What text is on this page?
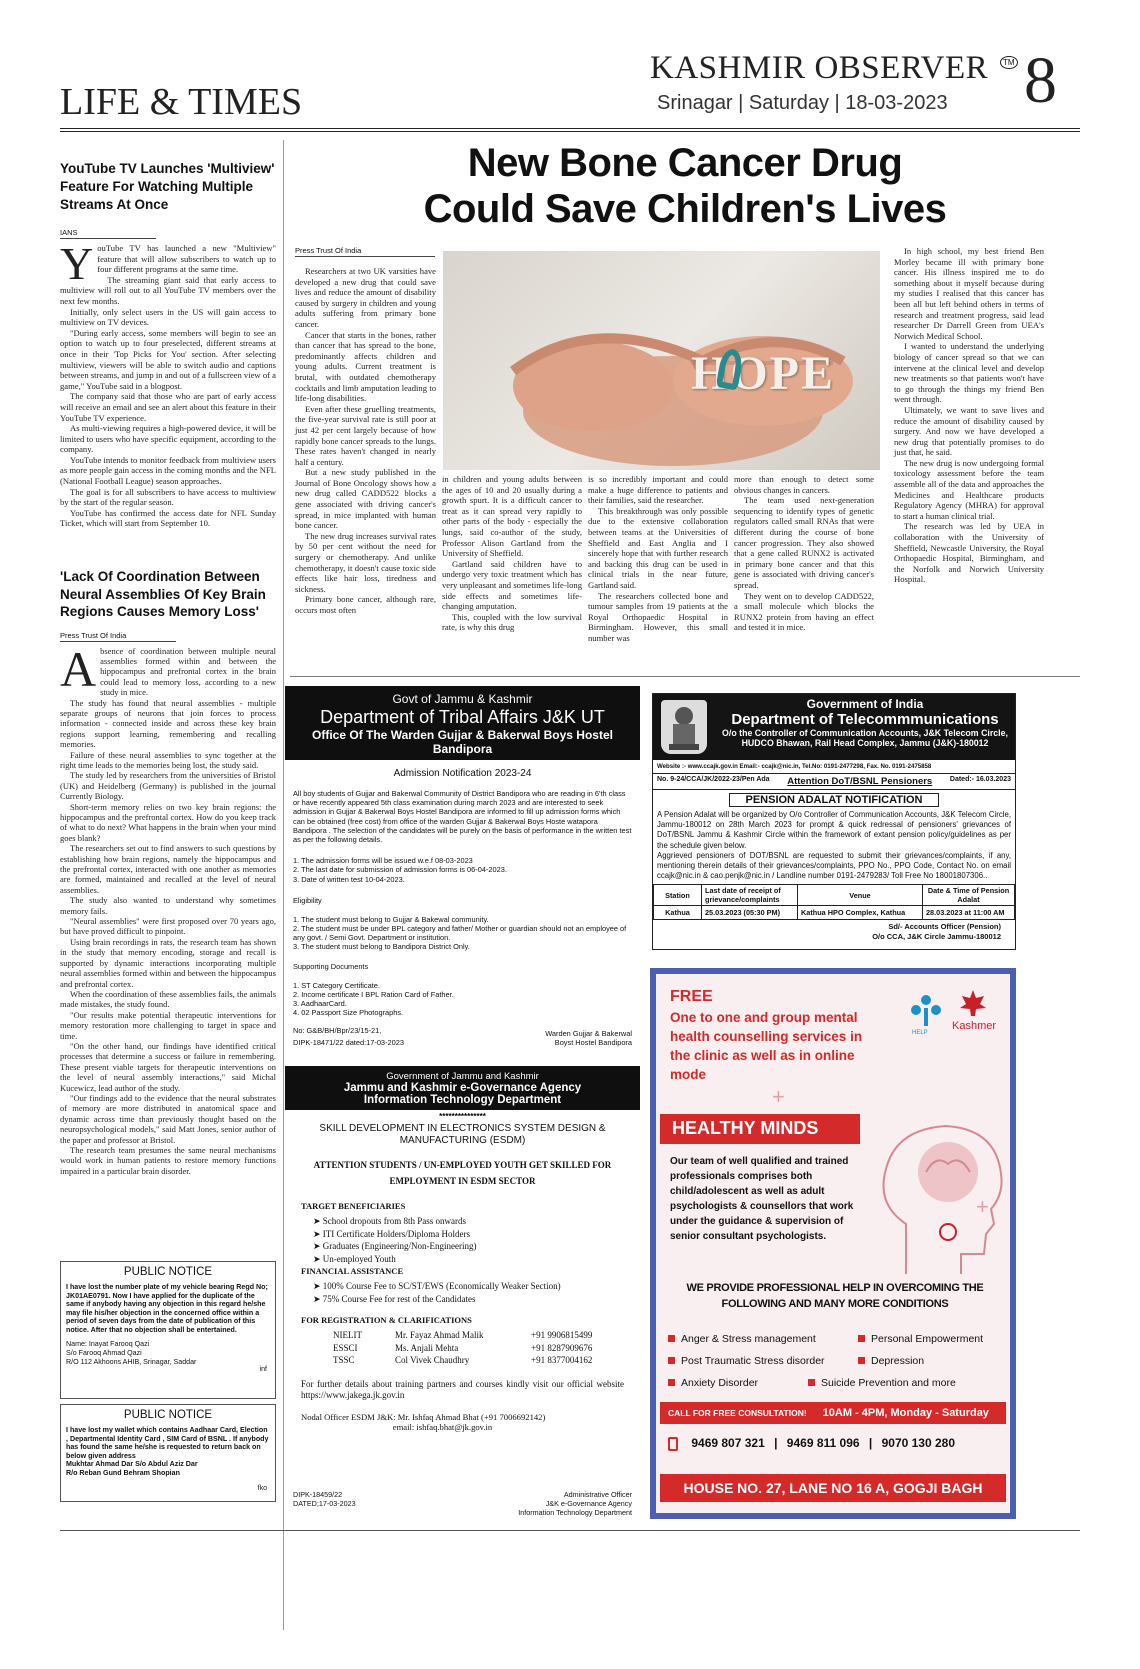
LIFE & TIMES
KASHMIR OBSERVER	TM
Srinagar | Saturday | 18-03-2023 8
YouTube TV Launches 'Multiview' Feature For Watching Multiple Streams At Once
IANS
Y ouTube TV has launched a new "Multiview" feature that will allow subscribers to watch up to four different programs at the same time.

The streaming giant said that early access to multiview will roll out to all YouTube TV members over the next few months.

Initially, only select users in the US will gain access to multiview on TV devices.

"During early access, some members will begin to see an option to watch up to four preselected, different streams at once in their 'Top Picks for You' section. After selecting multiview, viewers will be able to switch audio and captions between streams, and jump in and out of a fullscreen view of a game," YouTube said in a blogpost.

The company said that those who are part of early access will receive an email and see an alert about this feature in their YouTube TV experience.

As multi-viewing requires a high-powered device, it will be limited to users who have specific equipment, according to the company.

YouTube intends to monitor feedback from multiview users as more people gain access in the coming months and the NFL (National Football League) season approaches.

The goal is for all subscribers to have access to multiview by the start of the regular season.

YouTube has confirmed the access date for NFL Sunday Ticket, which will start from September 10.

'Lack Of Coordination Between Neural Assemblies Of Key Brain Regions Causes Memory Loss'
Press Trust Of India
A bsence of coordination between multiple neural assemblies formed within and between the hippocampus and prefrontal cortex in the brain could lead to memory loss, according to a new study in mice.

The study has found that neural assemblies - multiple separate groups of neurons that join forces to process information - connected inside and across these key brain regions support learning, remembering and recalling memories.

Failure of these neural assemblies to sync together at the right time leads to the memories being lost, the study said.

The study led by researchers from the universities of Bristol (UK) and Heidelberg (Germany) is published in the journal Currently Biology.

Short-term memory relies on two key brain regions: the hippocampus and the prefrontal cortex. How do you keep track of what to do next? What happens in the brain when your mind goes blank?

The researchers set out to find answers to such questions by establishing how brain regions, namely the hippocampus and the prefrontal cortex, interacted with one another as memories are formed, maintained and recalled at the level of neural assemblies.

The study also wanted to understand why sometimes memory fails.

"Neural assemblies" were first proposed over 70 years ago, but have proved difficult to pinpoint.

Using brain recordings in rats, the research team has shown in the study that memory encoding, storage and recall is supported by dynamic interactions incorporating multiple neural assemblies formed within and between the hippocampus and prefrontal cortex.

When the coordination of these assemblies fails, the animals made mistakes, the study found.

"Our results make potential therapeutic interventions for memory restoration more challenging to target in space and time.

"On the other hand, our findings have identified critical processes that determine a success or failure in remembering. These present viable targets for therapeutic interventions on the level of neural assembly interactions," said Michal Kucewicz, lead author of the study.

"Our findings add to the evidence that the neural substrates of memory are more distributed in anatomical space and dynamic across time than previously thought based on the neuropsychological models," said Matt Jones, senior author of the paper and professor at Bristol.

The research team presumes the same neural mechanisms would work in human patients to restore memory functions impaired in a particular brain disorder.

PUBLIC NOTICE
I have lost the number plate of my vehicle bearing Regd No; JK01AE0791. Now I have applied for the duplicate of the same if anybody having any objection in this regard he/she may file his/her objection in the concerned office within a period of seven days from the date of publication of this notice. After that no objection shall be entertained.
Name: Inayat Farooq Qazi
S/o Farooq Ahmad Qazi
R/O 112 Akhoons AHIB, Srinagar, Saddar
inf
PUBLIC NOTICE
I have lost my wallet which contains Aadhaar Card, Election , Departmental Identity Card , SIM Card of BSNL . If anybody has found the same he/she is requested to return back on below given address
Mukhtar Ahmad Dar S/o Abdul Aziz Dar
R/o Reban Gund Behram Shopian
fko
New Bone Cancer Drug
Could Save Children's Lives
Press Trust Of India
HOPE

Researchers at two UK varsities have developed a new drug that could save lives and reduce the amount of disability caused by surgery in children and young adults suffering from primary bone cancer.

Cancer that starts in the bones, rather than cancer that has spread to the bone, predominantly affects children and young adults. Current treatment is brutal, with outdated chemotherapy cocktails and limb amputation leading to life-long disabilities.

Even after these gruelling treatments, the five-year survival rate is still poor at just 42 per cent largely because of how rapidly bone cancer spreads to the lungs. These rates haven't changed in nearly half a century.

But a new study published in the Journal of Bone Oncology shows how a new drug called CADD522 blocks a gene associated with driving cancer's spread, in mice implanted with human bone cancer.

The new drug increases survival rates by 50 per cent without the need for surgery or chemotherapy. And unlike chemotherapy, it doesn't cause toxic side effects like hair loss, tiredness and sickness.

Primary bone cancer, although rare, occurs most often

in children and young adults between the ages of 10 and 20 usually during a growth spurt. It is a difficult cancer to treat as it can spread very rapidly to other parts of the body - especially the lungs, said co-author of the study, Professor Alison Gartland from the University of Sheffield.

Gartland said children have to undergo very toxic treatment which has very unpleasant and sometimes life-long side effects and sometimes life-changing amputation.

This, coupled with the low survival rate, is why this drug

is so incredibly important and could make a huge difference to patients and their families, said the researcher.

This breakthrough was only possible due to the extensive collaboration between teams at the Universities of Sheffield and East Anglia and I sincerely hope that with further research and backing this drug can be used in clinical trials in the near future, Gartland said.

The researchers collected bone and tumour samples from 19 patients at the Royal Orthopaedic Hospital in Birmingham. However, this small number was

more than enough to detect some obvious changes in cancers.

The team used next-generation sequencing to identify types of genetic regulators called small RNAs that were different during the course of bone cancer progression. They also showed that a gene called RUNX2 is activated in primary bone cancer and that this gene is associated with driving cancer's spread.

They went on to develop CADD522, a small molecule which blocks the RUNX2 protein from having an effect and tested it in mice.

In high school, my best friend Ben Morley became ill with primary bone cancer. His illness inspired me to do something about it myself because during my studies I realised that this cancer has been all but left behind others in terms of research and treatment progress, said lead researcher Dr Darrell Green from UEA's Norwich Medical School.

I wanted to understand the underlying biology of cancer spread so that we can intervene at the clinical level and develop new treatments so that patients won't have to go through the things my friend Ben went through.

Ultimately, we want to save lives and reduce the amount of disability caused by surgery. And now we have developed a new drug that potentially promises to do just that, he said.

The new drug is now undergoing formal toxicology assessment before the team assemble all of the data and approaches the Medicines and Healthcare products Regulatory Agency (MHRA) for approval to start a human clinical trial.

The research was led by UEA in collaboration with the University of Sheffield, Newcastle University, the Royal Orthopaedic Hospital, Birmingham, and the Norfolk and Norwich University Hospital.

Govt of Jammu & Kashmir
Department of Tribal Affairs J&K UT
Office Of The Warden Gujjar & Bakerwal Boys Hostel Bandipora
Admission Notification 2023-24
All boy students of Gujjar and Bakerwal Community of District Bandipora who are reading in 6'th class or have recently appeared 5th class examination during march 2023 and are interested to seek admission in Gujjar & Bakerwal Boys Hostel Bandipora are informed to fill up admission forms which can be obtained (free cost) from office of the warden Gujjar & Bakerwal Boys Hoste watapora Bandipora . The selection of the candidates will be purely on the basis of performance in the written test as per the following details.
1. The admission forms will be issued w.e.f 08-03-2023
2. The last date for submission of admission forms is 06-04-2023.
3. Date of written test 10-04-2023.
Eligibility
1. The student must belong to Gujjar & Bakewal community.
2. The student must be under BPL category and father/ Mother or guardian should not an employee of any govt. / Semi Govt. Department or institution.
3. The student must belong to Bandipora District Only.
Supporting Documents
1. ST Category Certificate.
2. Income certificate I BPL Ration Card of Father.
3. AadhaarCard.
4. 02 Passport Size Photographs.
No: G&B/BH/Bpr/23/15-21,	Warden Gujjar & Bakerwal
Boyst Hostel Bandipora
DIPK-18471/22 dated:17-03-2023
Government of India
Department of Telecommmunications
O/o the Controller of Communication Accounts, J&K Telecom Circle,
HUDCO Bhawan, Rail Head Complex, Jammu (J&K)-180012
Website :- www.ccajk.gov.in Email:- ccajk@nic.in, Tel.No: 0191-2477298, Fax. No. 0191-2475858
No. 9-24/CCA/JK/2022-23/Pen Ada Attention DoT/BSNL Pensioners	Dated:- 16.03.2023
PENSION ADALAT NOTIFICATION
A Pension Adalat will be organized by O/o Controller of Communication Accounts, J&K Telecom Circle, Jammu-180012 on 28th March 2023 for prompt & quick redressal of pensioners' grievances of DoT/BSNL Jammu & Kashmir Circle within the framework of extant pension policy/guidelines as per the schedule given below.
Aggrieved pensioners of DOT/BSNL are requested to submit their grievances/complaints, if any, mentioning therein details of their grievances/complaints, PPO No., PPO Code, Contact No. on email ccajk@nic.in & cao.penjk@nic.in / Landline number 0191-2479283/ Toll Free No 18001807306..
Station	Last date of receipt of grievance/complaints	Venue	Date & Time of Pension Adalat
Kathua	25.03.2023 (05:30 PM)	Kathua HPO Complex, Kathua	28.03.2023 at 11:00 AM
Sd/- Accounts Officer (Pension)
O/o CCA, J&K Circle Jammu-180012
Government of Jammu and Kashmir
Jammu and Kashmir e-Governance Agency
Information Technology Department
***************
SKILL DEVELOPMENT IN ELECTRONICS SYSTEM DESIGN & MANUFACTURING (ESDM)
ATTENTION STUDENTS / UN-EMPLOYED YOUTH GET SKILLED FOR EMPLOYMENT IN ESDM SECTOR
TARGET BENEFICIARIES
➤ School dropouts from 8th Pass onwards
➤ ITI Certificate Holders/Diploma Holders
➤ Graduates (Engineering/Non-Engineering)
➤ Un-employed Youth
FINANCIAL ASSISTANCE
➤ 100% Course Fee to SC/ST/EWS (Economically Weaker Section)
➤ 75% Course Fee for rest of the Candidates
FOR REGISTRATION & CLARIFICATIONS
NIELIT	Mr. Fayaz Ahmad Malik	+91 9906815499
ESSCI	Ms. Anjali Mehta	+91 8287909676
TSSC	Col Vivek Chaudhry	+91 8377004162
For further details about training partners and courses kindly visit our official website https://www.jakega.jk.gov.in
Nodal Officer ESDM J&K: Mr. Ishfaq Ahmad Bhat (+91 7006692142)
email: ishfaq.bhat@jk.gov.in
DIPK-18459/22
DATED;17-03-2023
Administrative Officer
J&K e-Governance Agency
Information Technology Department
FREE
One to one and group mental health counselling services in the clinic as well as in online mode
HELP
Kashmer
+
HEALTHY MINDS
+
Our team of well qualified and trained professionals comprises both child/adolescent as well as adult psychologists & counsellors that work under the guidance & supervision of senior consultant psychologists.
WE PROVIDE PROFESSIONAL HELP IN OVERCOMING THE FOLLOWING AND MANY MORE CONDITIONS
Anger & Stress management	Personal Empowerment
Post Traumatic Stress disorder	Depression
Anxiety Disorder	Suicide Prevention and more
CALL FOR FREE CONSULTATION! 10AM - 4PM, Monday - Saturday
9469 807 321 | 9469 811 096 | 9070 130 280
HOUSE NO. 27, LANE NO 16 A, GOGJI BAGH
